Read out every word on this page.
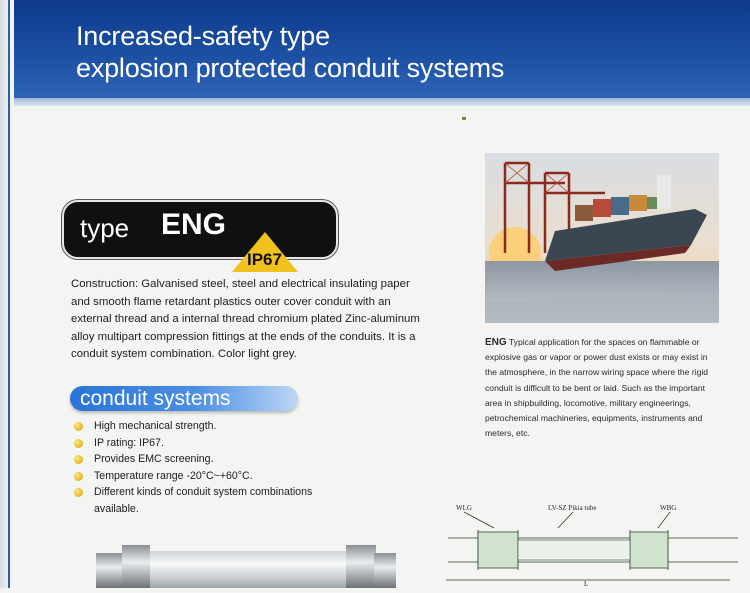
Increased-safety type
explosion protected conduit systems
type ENG
IP67
Construction: Galvanised steel, steel and electrical insulating paper and smooth flame retardant plastics outer cover conduit with an external thread and a internal thread chromium plated Zinc-aluminum alloy multipart compression fittings at the ends of the conduits. It is a conduit system combination. Color light grey.
conduit systems
High mechanical strength.
IP rating: IP67.
Provides EMC screening.
Temperature range -20°C~+60°C.
Different kinds of conduit system combinations available.
ENG Typical application for the spaces on flammable or explosive gas or vapor or power dust exists or may exist in the atmosphere, in the narrow wiring space where the rigid conduit is difficult to be bent or laid. Such as the important area in shipbuilding, locomotive, military engineerings, petrochemical machineries, equipments, instruments and meters, etc.
WLG	LV-SZ Pikia tube	WBG
L
